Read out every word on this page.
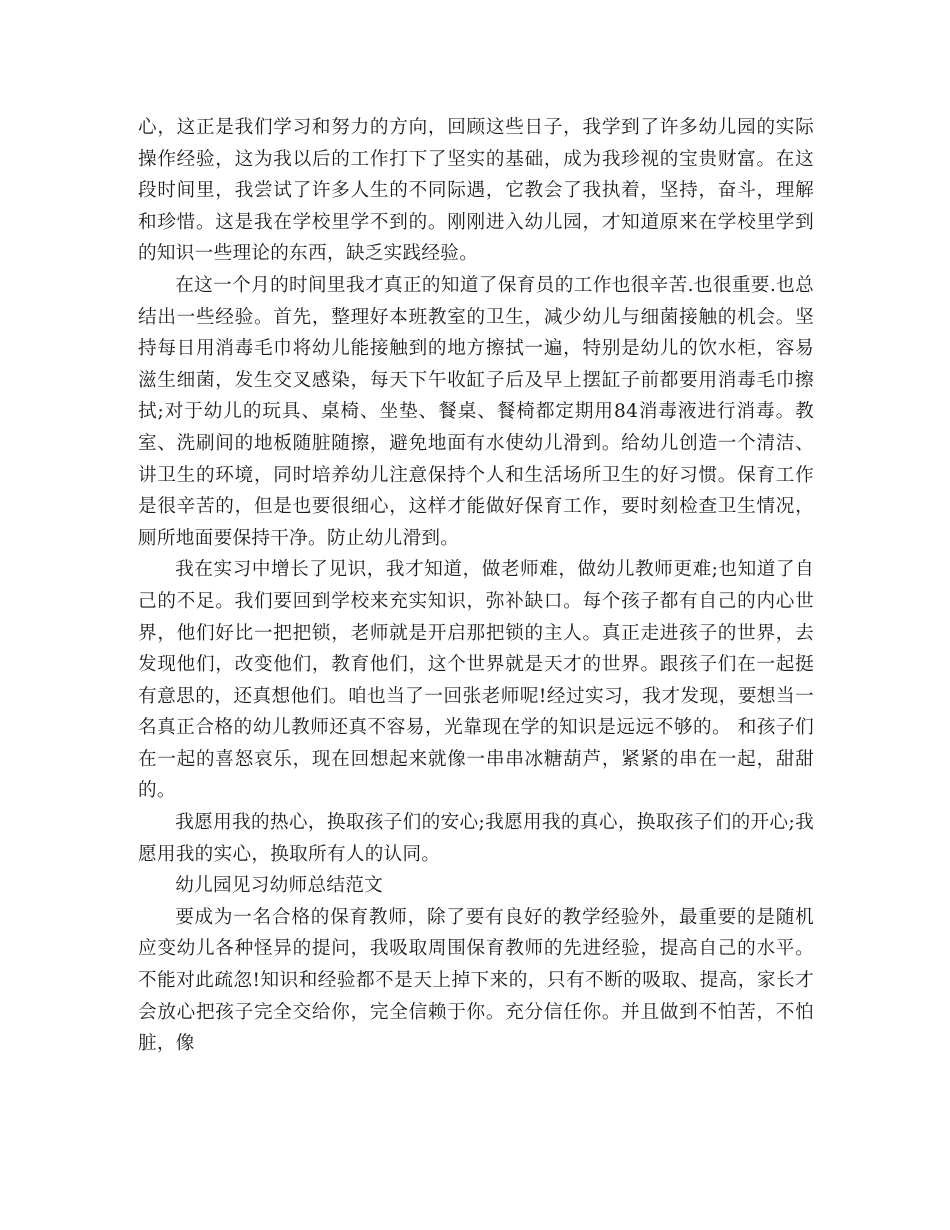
心，这正是我们学习和努力的方向，回顾这些日子，我学到了许多幼儿园的实际操作经验，这为我以后的工作打下了坚实的基础，成为我珍视的宝贵财富。在这段时间里，我尝试了许多人生的不同际遇，它教会了我执着，坚持，奋斗，理解和珍惜。这是我在学校里学不到的。刚刚进入幼儿园，才知道原来在学校里学到的知识一些理论的东西，缺乏实践经验。

在这一个月的时间里我才真正的知道了保育员的工作也很辛苦.也很重要.也总结出一些经验。首先，整理好本班教室的卫生，减少幼儿与细菌接触的机会。坚持每日用消毒毛巾将幼儿能接触到的地方擦拭一遍，特别是幼儿的饮水柜，容易滋生细菌，发生交叉感染，每天下午收缸子后及早上摆缸子前都要用消毒毛巾擦拭;对于幼儿的玩具、桌椅、坐垫、餐桌、餐椅都定期用84消毒液进行消毒。教室、洗刷间的地板随脏随擦，避免地面有水使幼儿滑到。给幼儿创造一个清洁、讲卫生的环境，同时培养幼儿注意保持个人和生活场所卫生的好习惯。保育工作是很辛苦的，但是也要很细心，这样才能做好保育工作，要时刻检查卫生情况，厕所地面要保持干净。防止幼儿滑到。

我在实习中增长了见识，我才知道，做老师难，做幼儿教师更难;也知道了自己的不足。我们要回到学校来充实知识，弥补缺口。每个孩子都有自己的内心世界，他们好比一把把锁，老师就是开启那把锁的主人。真正走进孩子的世界，去发现他们，改变他们，教育他们，这个世界就是天才的世界。跟孩子们在一起挺有意思的，还真想他们。咱也当了一回张老师呢!经过实习，我才发现，要想当一名真正合格的幼儿教师还真不容易，光靠现在学的知识是远远不够的。 和孩子们在一起的喜怒哀乐，现在回想起来就像一串串冰糖葫芦，紧紧的串在一起，甜甜的。

我愿用我的热心，换取孩子们的安心;我愿用我的真心，换取孩子们的开心;我愿用我的实心，换取所有人的认同。

幼儿园见习幼师总结范文

要成为一名合格的保育教师，除了要有良好的教学经验外，最重要的是随机应变幼儿各种怪异的提问，我吸取周围保育教师的先进经验，提高自己的水平。不能对此疏忽!知识和经验都不是天上掉下来的，只有不断的吸取、提高，家长才会放心把孩子完全交给你，完全信赖于你。充分信任你。并且做到不怕苦，不怕脏，像
